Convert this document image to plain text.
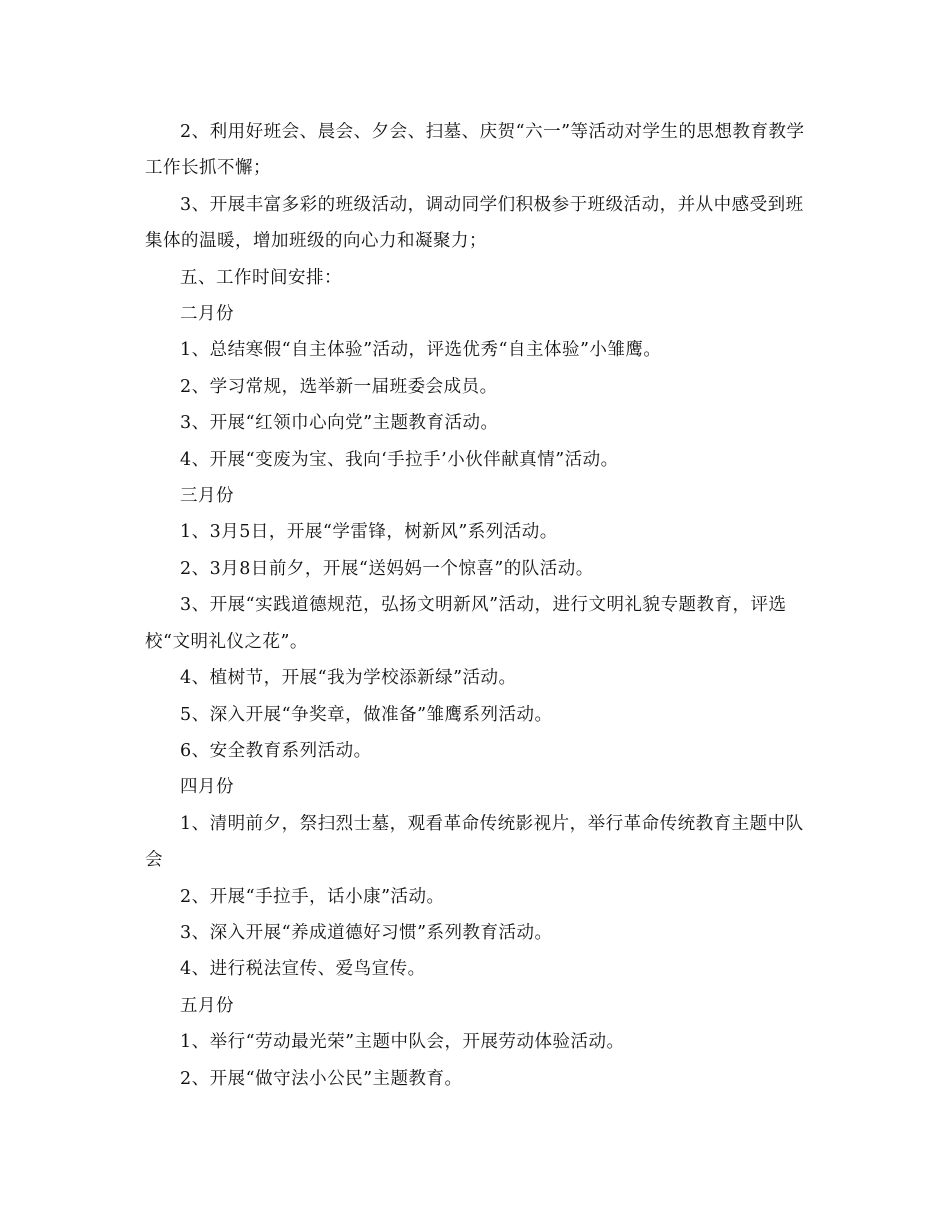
2、利用好班会、晨会、夕会、扫墓、庆贺“六一”等活动对学生的思想教育教学工作长抓不懈；

3、开展丰富多彩的班级活动，调动同学们积极参于班级活动，并从中感受到班集体的温暖，增加班级的向心力和凝聚力；

五、工作时间安排：

二月份

1、总结寒假“自主体验”活动，评选优秀“自主体验”小雏鹰。

2、学习常规，选举新一届班委会成员。

3、开展“红领巾心向党”主题教育活动。

4、开展“变废为宝、我向‘手拉手’小伙伴献真情”活动。

三月份

1、3月5日，开展“学雷锋，树新风”系列活动。

2、3月8日前夕，开展“送妈妈一个惊喜”的队活动。

3、开展“实践道德规范，弘扬文明新风”活动，进行文明礼貌专题教育，评选校“文明礼仪之花”。

4、植树节，开展“我为学校添新绿”活动。

5、深入开展“争奖章，做准备”雏鹰系列活动。

6、安全教育系列活动。

四月份

1、清明前夕，祭扫烈士墓，观看革命传统影视片，举行革命传统教育主题中队会

2、开展“手拉手，话小康”活动。

3、深入开展“养成道德好习惯”系列教育活动。

4、进行税法宣传、爱鸟宣传。

五月份

1、举行“劳动最光荣”主题中队会，开展劳动体验活动。

2、开展“做守法小公民”主题教育。
